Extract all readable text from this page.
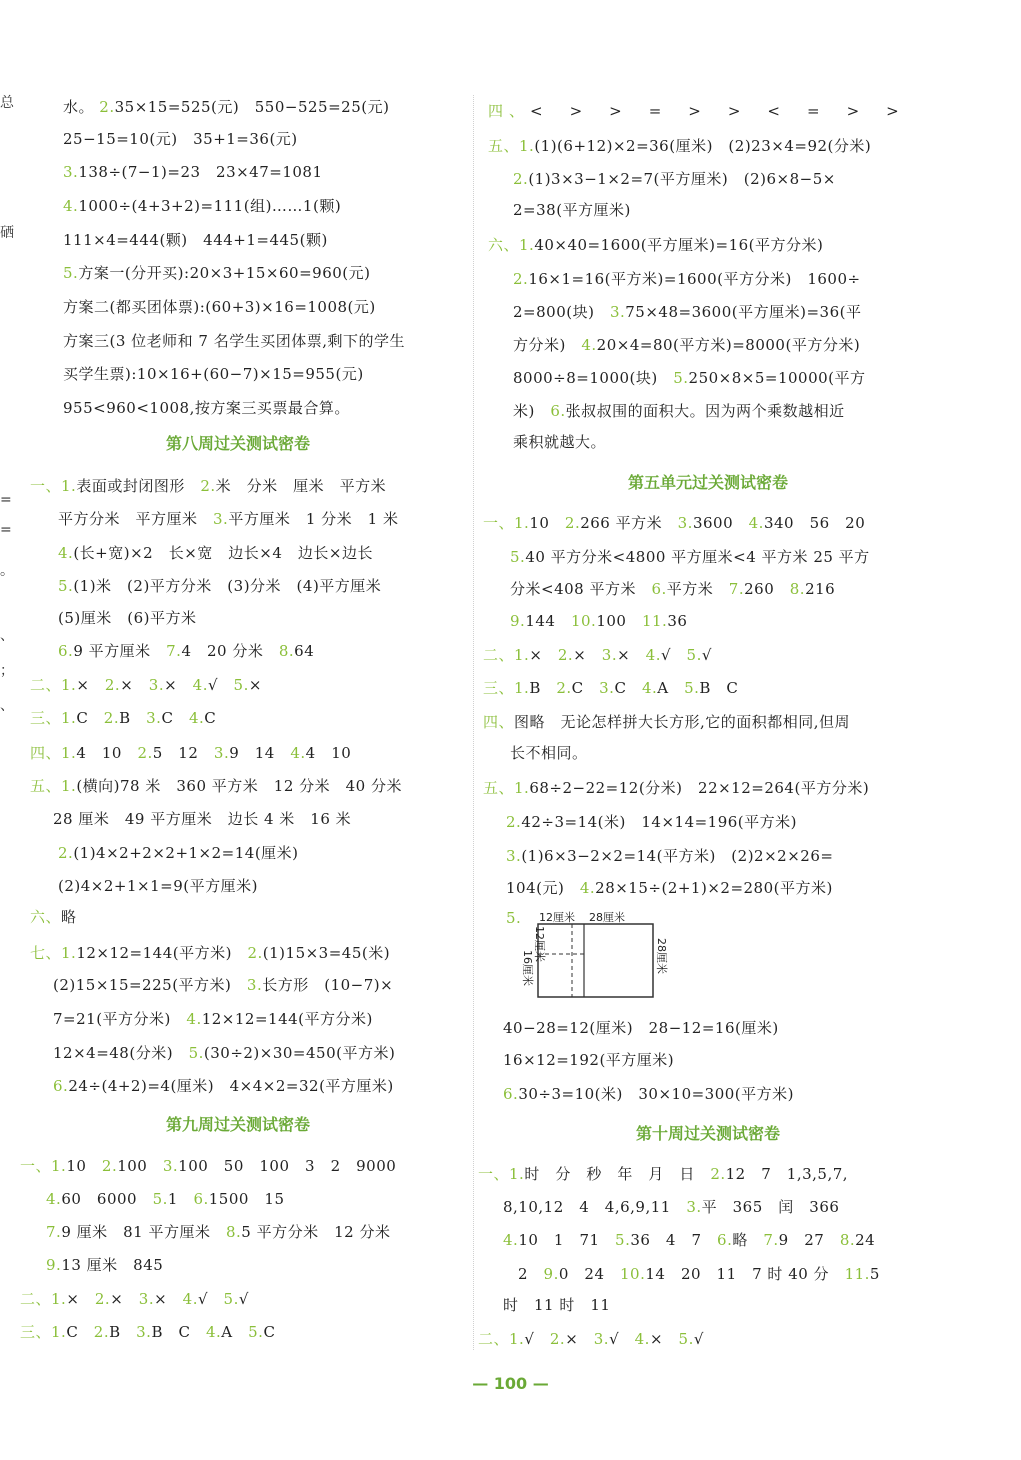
总
硒
=
=
。
、
；
、
水。 2.35×15=525(元)　550−525=25(元)
25−15=10(元)　35+1=36(元)
3.138÷(7−1)=23　23×47=1081
4.1000÷(4+3+2)=111(组)……1(颗)
111×4=444(颗)　444+1=445(颗)
5.方案一(分开买):20×3+15×60=960(元)
方案二(都买团体票):(60+3)×16=1008(元)
方案三(3 位老师和 7 名学生买团体票,剩下的学生
买学生票):10×16+(60−7)×15=955(元)
955<960<1008,按方案三买票最合算。
第八周过关测试密卷
一、1.表面或封闭图形　2.米　分米　厘米　平方米
平方分米　平方厘米　3.平方厘米　1 分米　1 米
4.(长+宽)×2　长×宽　边长×4　边长×边长
5.(1)米　(2)平方分米　(3)分米　(4)平方厘米
(5)厘米　(6)平方米
6.9 平方厘米　7.4　20 分米　8.64
二、1.×　2.×　3.×　4.√　5.×
三、1.C　2.B　3.C　4.C
四、1.4　10　2.5　12　3.9　14　4.4　10
五、1.(横向)78 米　360 平方米　12 分米　40 分米
28 厘米　49 平方厘米　边长 4 米　16 米
2.(1)4×2+2×2+1×2=14(厘米)
(2)4×2+1×1=9(平方厘米)
六、略
七、1.12×12=144(平方米)　2.(1)15×3=45(米)
(2)15×15=225(平方米)　3.长方形　(10−7)×
7=21(平方分米)　4.12×12=144(平方分米)
12×4=48(分米)　5.(30÷2)×30=450(平方米)
6.24÷(4+2)=4(厘米)　4×4×2=32(平方厘米)
第九周过关测试密卷
一、1.10　2.100　3.100　50　100　3　2　9000
4.60　6000　5.1　6.1500　15
7.9 厘米　81 平方厘米　8.5 平方分米　12 分米
9.13 厘米　845
二、1.×　2.×　3.×　4.√　5.√
三、1.C　2.B　3.B　C　4.A　5.C
四、<　>　>　=　>　>　<　=　>　>
五、1.(1)(6+12)×2=36(厘米)　(2)23×4=92(分米)
2.(1)3×3−1×2=7(平方厘米)　(2)6×8−5×
2=38(平方厘米)
六、1.40×40=1600(平方厘米)=16(平方分米)
2.16×1=16(平方米)=1600(平方分米)　1600÷
2=800(块)　3.75×48=3600(平方厘米)=36(平
方分米)　4.20×4=80(平方米)=8000(平方分米)
8000÷8=1000(块)　5.250×8×5=10000(平方
米)　6.张叔叔围的面积大。因为两个乘数越相近
乘积就越大。
第五单元过关测试密卷
一、1.10　2.266 平方米　3.3600　4.340　56　20
5.40 平方分米<4800 平方厘米<4 平方米 25 平方
分米<408 平方米　6.平方米　7.260　8.216
9.144　10.100　11.36
二、1.×　2.×　3.×　4.√　5.√
三、1.B　2.C　3.C　4.A　5.B　C
四、图略　无论怎样拼大长方形,它的面积都相同,但周
长不相同。
五、1.68÷2−22=12(分米)　22×12=264(平方分米)
2.42÷3=14(米)　14×14=196(平方米)
3.(1)6×3−2×2=14(平方米)　(2)2×2×26=
104(元)　4.28×15÷(2+1)×2=280(平方米)
5. 12厘米 28厘米
12厘米
16厘米	28厘米
40−28=12(厘米)　28−12=16(厘米)
16×12=192(平方厘米)
6.30÷3=10(米)　30×10=300(平方米)
第十周过关测试密卷
一、1.时　分　秒　年　月　日　2.12　7　1,3,5,7,
8,10,12　4　4,6,9,11　3.平　365　闰　366
4.10　1　71　5.36　4　7　6.略　7.9　27　8.24
2　9.0　24　10.14　20　11　7 时 40 分　11.5
时　11 时　11
二、1.√　2.×　3.√　4.×　5.√
— 100 —
